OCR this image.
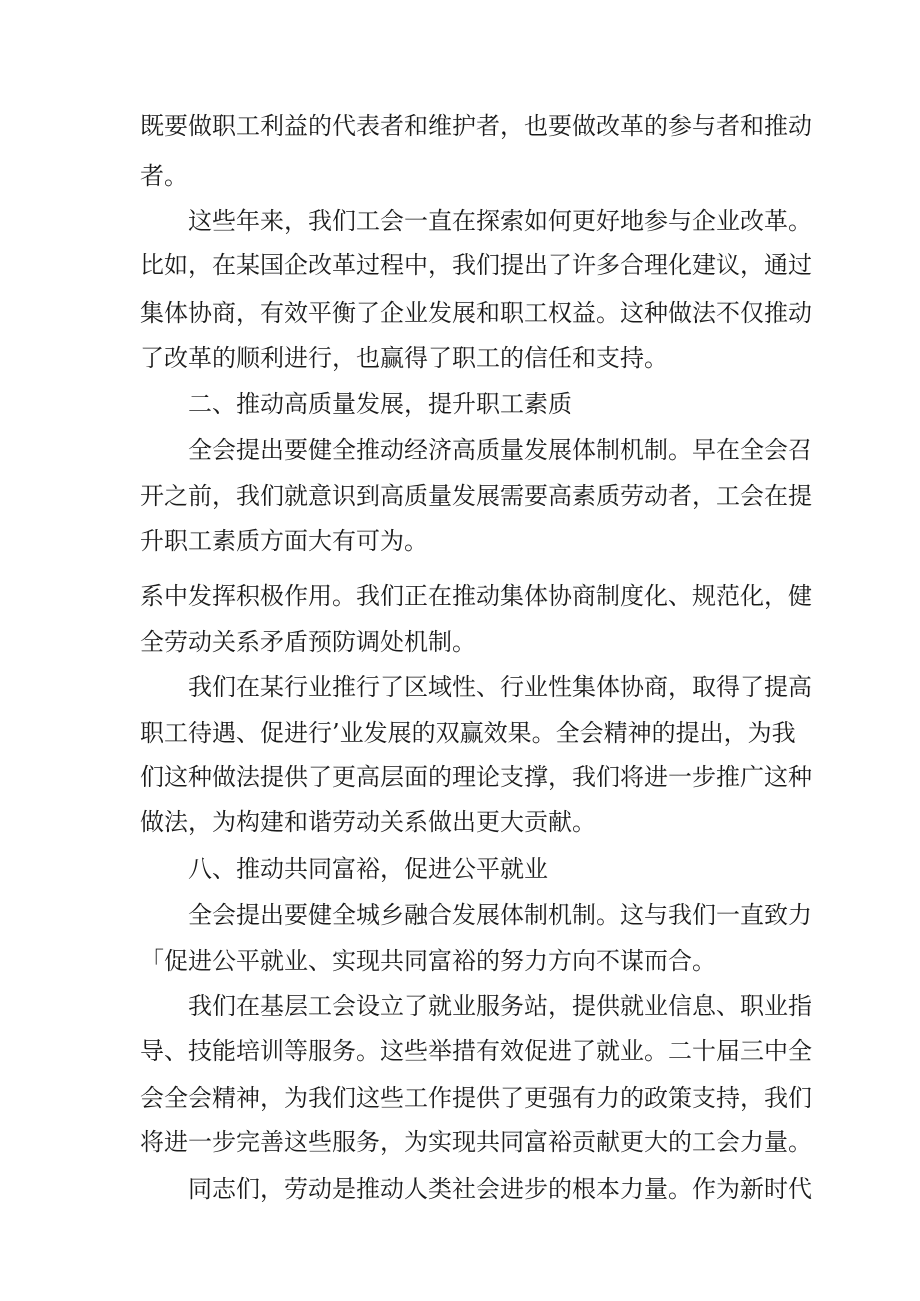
既要做职工利益的代表者和维护者，也要做改革的参与者和推动
者。
这些年来，我们工会一直在探索如何更好地参与企业改革。
比如，在某国企改革过程中，我们提出了许多合理化建议，通过
集体协商，有效平衡了企业发展和职工权益。这种做法不仅推动
了改革的顺利进行，也赢得了职工的信任和支持。
二、推动高质量发展，提升职工素质
全会提出要健全推动经济高质量发展体制机制。早在全会召
开之前，我们就意识到高质量发展需要高素质劳动者，工会在提
升职工素质方面大有可为。
系中发挥积极作用。我们正在推动集体协商制度化、规范化，健
全劳动关系矛盾预防调处机制。
我们在某行业推行了区域性、行业性集体协商，取得了提高
职工待遇、促进行’业发展的双赢效果。全会精神的提出，为我
们这种做法提供了更高层面的理论支撑，我们将进一步推广这种
做法，为构建和谐劳动关系做出更大贡献。
八、推动共同富裕，促进公平就业
全会提出要健全城乡融合发展体制机制。这与我们一直致力
「促进公平就业、实现共同富裕的努力方向不谋而合。
我们在基层工会设立了就业服务站，提供就业信息、职业指
导、技能培训等服务。这些举措有效促进了就业。二十届三中全
会全会精神，为我们这些工作提供了更强有力的政策支持，我们
将进一步完善这些服务，为实现共同富裕贡献更大的工会力量。
同志们，劳动是推动人类社会进步的根本力量。作为新时代
